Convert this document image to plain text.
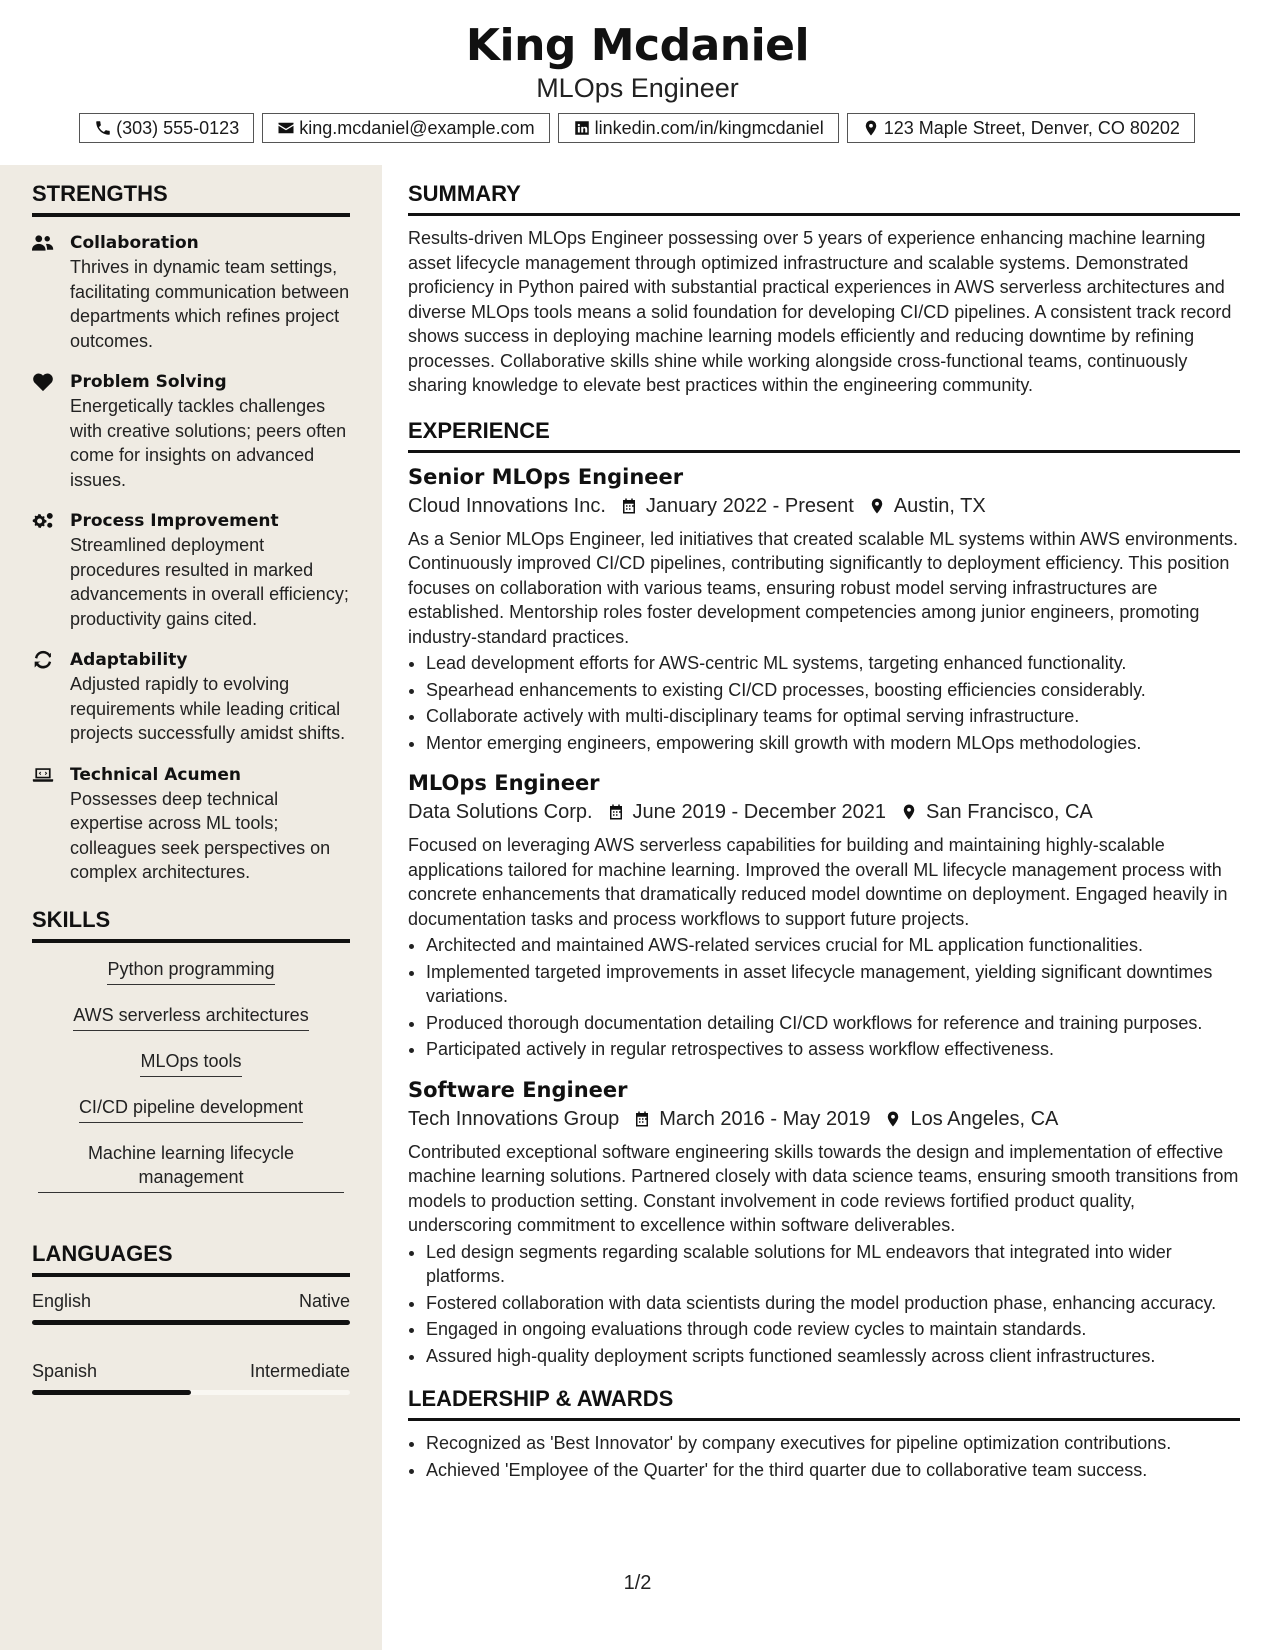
King Mcdaniel
MLOps Engineer
(303) 555-0123	king.mcdaniel@example.com	linkedin.com/in/kingmcdaniel	123 Maple Street, Denver, CO 80202
STRENGTHS
Collaboration
Thrives in dynamic team settings, facilitating communication between departments which refines project outcomes.
Problem Solving
Energetically tackles challenges with creative solutions; peers often come for insights on advanced issues.
Process Improvement
Streamlined deployment procedures resulted in marked advancements in overall efficiency; productivity gains cited.
Adaptability
Adjusted rapidly to evolving requirements while leading critical projects successfully amidst shifts.
Technical Acumen
Possesses deep technical expertise across ML tools; colleagues seek perspectives on complex architectures.
SKILLS
Python programming
AWS serverless architectures
MLOps tools
CI/CD pipeline development
Machine learning lifecycle management
LANGUAGES
English	Native
Spanish	Intermediate
SUMMARY

Results-driven MLOps Engineer possessing over 5 years of experience enhancing machine learning asset lifecycle management through optimized infrastructure and scalable systems. Demonstrated proficiency in Python paired with substantial practical experiences in AWS serverless architectures and diverse MLOps tools means a solid foundation for developing CI/CD pipelines. A consistent track record shows success in deploying machine learning models efficiently and reducing downtime by refining processes. Collaborative skills shine while working alongside cross-functional teams, continuously sharing knowledge to elevate best practices within the engineering community.

EXPERIENCE
Senior MLOps Engineer
Cloud Innovations Inc. January 2022 - Present Austin, TX
As a Senior MLOps Engineer, led initiatives that created scalable ML systems within AWS environments. Continuously improved CI/CD pipelines, contributing significantly to deployment efficiency. This position focuses on collaboration with various teams, ensuring robust model serving infrastructures are established. Mentorship roles foster development competencies among junior engineers, promoting industry-standard practices.
• Lead development efforts for AWS-centric ML systems, targeting enhanced functionality.
• Spearhead enhancements to existing CI/CD processes, boosting efficiencies considerably.
• Collaborate actively with multi-disciplinary teams for optimal serving infrastructure.
• Mentor emerging engineers, empowering skill growth with modern MLOps methodologies.
MLOps Engineer
Data Solutions Corp. June 2019 - December 2021 San Francisco, CA
Focused on leveraging AWS serverless capabilities for building and maintaining highly-scalable applications tailored for machine learning. Improved the overall ML lifecycle management process with concrete enhancements that dramatically reduced model downtime on deployment. Engaged heavily in documentation tasks and process workflows to support future projects.
• Architected and maintained AWS-related services crucial for ML application functionalities.
• Implemented targeted improvements in asset lifecycle management, yielding significant downtimes variations.
• Produced thorough documentation detailing CI/CD workflows for reference and training purposes.
• Participated actively in regular retrospectives to assess workflow effectiveness.
Software Engineer
Tech Innovations Group March 2016 - May 2019 Los Angeles, CA
Contributed exceptional software engineering skills towards the design and implementation of effective machine learning solutions. Partnered closely with data science teams, ensuring smooth transitions from models to production setting. Constant involvement in code reviews fortified product quality, underscoring commitment to excellence within software deliverables.
• Led design segments regarding scalable solutions for ML endeavors that integrated into wider platforms.
• Fostered collaboration with data scientists during the model production phase, enhancing accuracy.
• Engaged in ongoing evaluations through code review cycles to maintain standards.
• Assured high-quality deployment scripts functioned seamlessly across client infrastructures.
LEADERSHIP & AWARDS
• Recognized as 'Best Innovator' by company executives for pipeline optimization contributions.
• Achieved 'Employee of the Quarter' for the third quarter due to collaborative team success.
1/2
